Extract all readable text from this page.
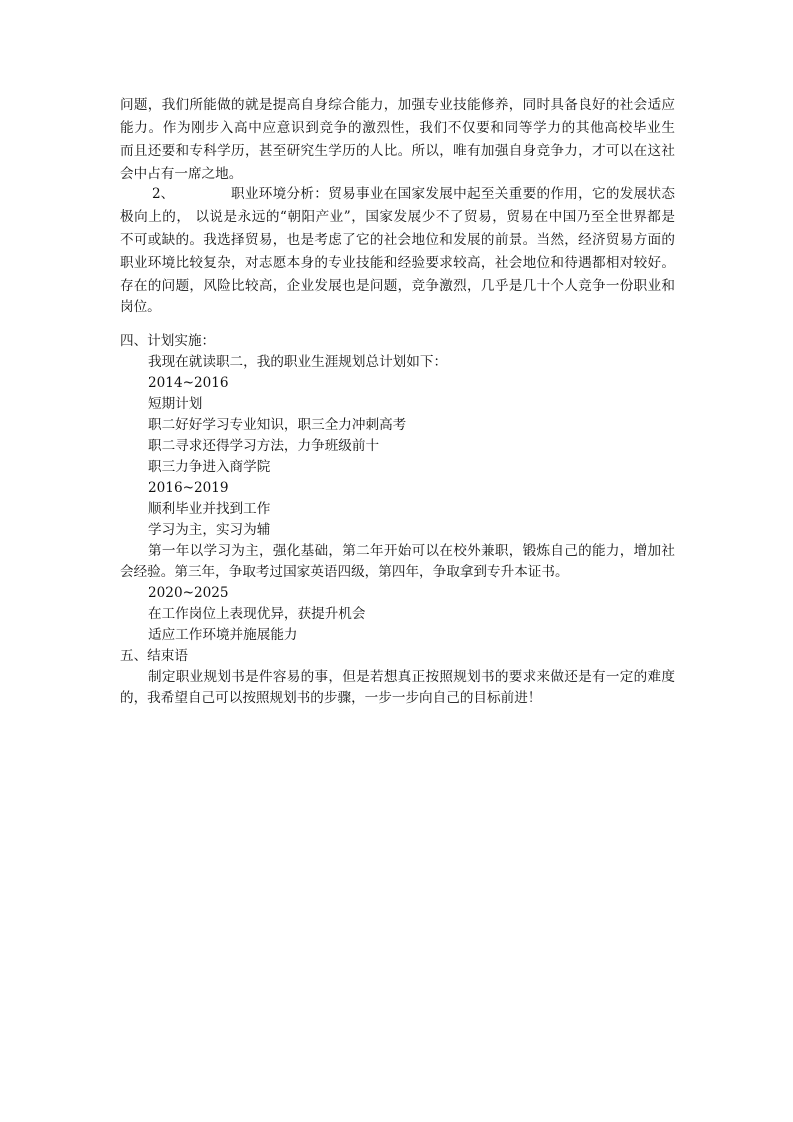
问题，我们所能做的就是提高自身综合能力，加强专业技能修养，同时具备良好的社会适应
能力。作为刚步入高中应意识到竞争的激烈性，我们不仅要和同等学力的其他高校毕业生
而且还要和专科学历，甚至研究生学历的人比。所以，唯有加强自身竞争力，才可以在这社
会中占有一席之地。
2、	职业环境分析：贸易事业在国家发展中起至关重要的作用，它的发展状态
极向上的， 以说是永远的“朝阳产业”，国家发展少不了贸易，贸易在中国乃至全世界都是
不可或缺的。我选择贸易，也是考虑了它的社会地位和发展的前景。当然，经济贸易方面的
职业环境比较复杂，对志愿本身的专业技能和经验要求较高，社会地位和待遇都相对较好。
存在的问题，风险比较高，企业发展也是问题，竞争激烈，几乎是几十个人竞争一份职业和
岗位。
四、计划实施：
我现在就读职二，我的职业生涯规划总计划如下：
2014~2016
短期计划
职二好好学习专业知识，职三全力冲刺高考
职二寻求还得学习方法，力争班级前十
职三力争进入商学院
2016~2019
顺利毕业并找到工作
学习为主，实习为辅
第一年以学习为主，强化基础，第二年开始可以在校外兼职，锻炼自己的能力，增加社
会经验。第三年，争取考过国家英语四级，第四年，争取拿到专升本证书。
2020~2025
在工作岗位上表现优异，获提升机会
适应工作环境并施展能力
五、结束语
制定职业规划书是件容易的事，但是若想真正按照规划书的要求来做还是有一定的难度
的，我希望自己可以按照规划书的步骤，一步一步向自己的目标前进！
